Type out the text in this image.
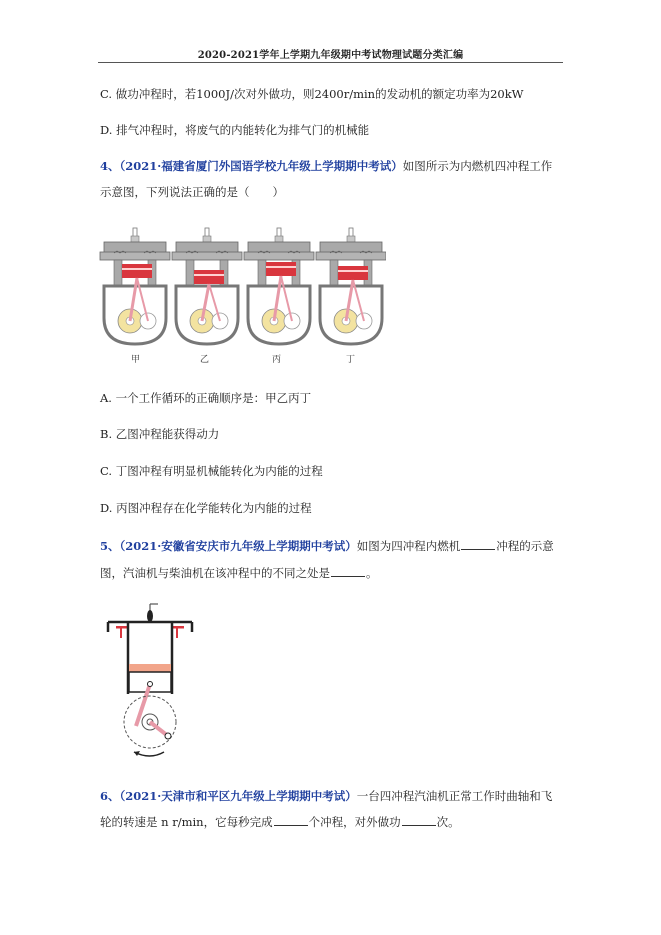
2020-2021学年上学期九年级期中考试物理试题分类汇编
C. 做功冲程时，若1000J/次对外做功，则2400r/min的发动机的额定功率为20kW
D. 排气冲程时，将废气的内能转化为排气门的机械能
4、（2021·福建省厦门外国语学校九年级上学期期中考试）如图所示为内燃机四冲程工作
示意图，下列说法正确的是（　　）
甲	乙	丙	丁
A. 一个工作循环的正确顺序是：甲乙丙丁
B. 乙图冲程能获得动力
C. 丁图冲程有明显机械能转化为内能的过程
D. 丙图冲程存在化学能转化为内能的过程
5、（2021·安徽省安庆市九年级上学期期中考试）如图为四冲程内燃机	冲程的示意
图，汽油机与柴油机在该冲程中的不同之处是	。
6、（2021·天津市和平区九年级上学期期中考试）一台四冲程汽油机正常工作时曲轴和飞
轮的转速是 n r/min，它每秒完成	个冲程，对外做功	次。
